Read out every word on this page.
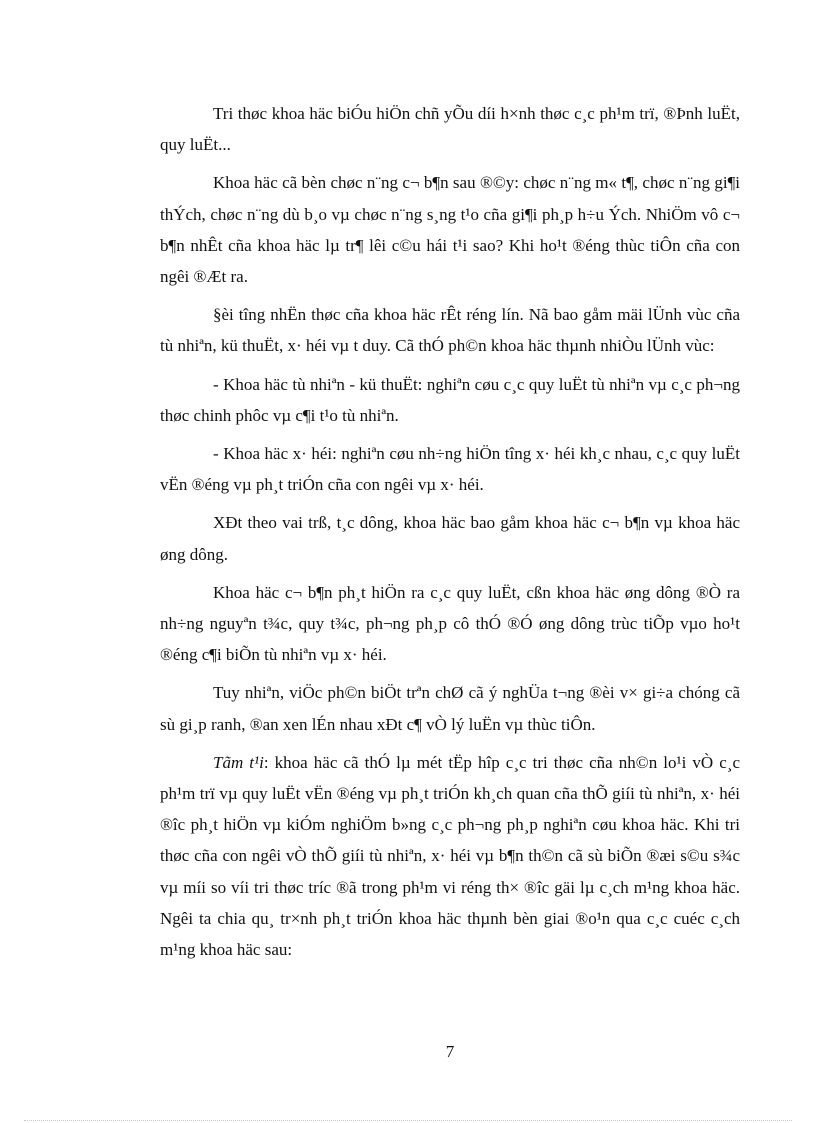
Tri thøc khoa häc biÓu hiÖn chñ yÕu díi h×nh thøc c¸c ph¹m trï, ®Þnh luËt, quy luËt...

Khoa häc cã bèn chøc n¨ng c¬ b¶n sau ®©y: chøc n¨ng m« t¶, chøc n¨ng gi¶i thÝch, chøc n¨ng dù b¸o vµ chøc n¨ng s¸ng t¹o cña gi¶i ph¸p h÷u Ých. NhiÖm vô c¬ b¶n nhÊt cña khoa häc lµ tr¶ lêi c©u hái t¹i sao? Khi ho¹t ®éng thùc tiÔn cña con ngêi ®Æt ra.

§èi tîng nhËn thøc cña khoa häc rÊt réng lín. Nã bao gåm mäi lÜnh vùc cña tù nhiªn, kü thuËt, x· héi vµ t duy. Cã thÓ ph©n khoa häc thµnh nhiÒu lÜnh vùc:

- Khoa häc tù nhiªn - kü thuËt: nghiªn cøu c¸c quy luËt tù nhiªn vµ c¸c ph¬ng thøc chinh phôc vµ c¶i t¹o tù nhiªn.

- Khoa häc x· héi: nghiªn cøu nh÷ng hiÖn tîng x· héi kh¸c nhau, c¸c quy luËt vËn ®éng vµ ph¸t triÓn cña con ngêi vµ x· héi.

XÐt theo vai trß, t¸c dông, khoa häc bao gåm khoa häc c¬ b¶n vµ khoa häc øng dông.

Khoa häc c¬ b¶n ph¸t hiÖn ra c¸c quy luËt, cßn khoa häc øng dông ®Ò ra nh÷ng nguyªn t¾c, quy t¾c, ph¬ng ph¸p cô thÓ ®Ó øng dông trùc tiÕp vµo ho¹t ®éng c¶i biÕn tù nhiªn vµ x· héi.

Tuy nhiªn, viÖc ph©n biÖt trªn chØ cã ý nghÜa t¬ng ®èi v× gi÷a chóng cã sù gi¸p ranh, ®an xen lÉn nhau xÐt c¶ vÒ lý luËn vµ thùc tiÔn.

Tãm t¹i: khoa häc cã thÓ lµ mét tËp hîp c¸c tri thøc cña nh©n lo¹i vÒ c¸c ph¹m trï vµ quy luËt vËn ®éng vµ ph¸t triÓn kh¸ch quan cña thÕ giíi tù nhiªn, x· héi ®îc ph¸t hiÖn vµ kiÓm nghiÖm b»ng c¸c ph¬ng ph¸p nghiªn cøu khoa häc. Khi tri thøc cña con ngêi vÒ thÕ giíi tù nhiªn, x· héi vµ b¶n th©n cã sù biÕn ®æi s©u s¾c vµ míi so víi tri thøc tríc ®ã trong ph¹m vi réng th× ®îc gäi lµ c¸ch m¹ng khoa häc. Ngêi ta chia qu¸ tr×nh ph¸t triÓn khoa häc thµnh bèn giai ®o¹n qua c¸c cuéc c¸ch m¹ng khoa häc sau:

7
